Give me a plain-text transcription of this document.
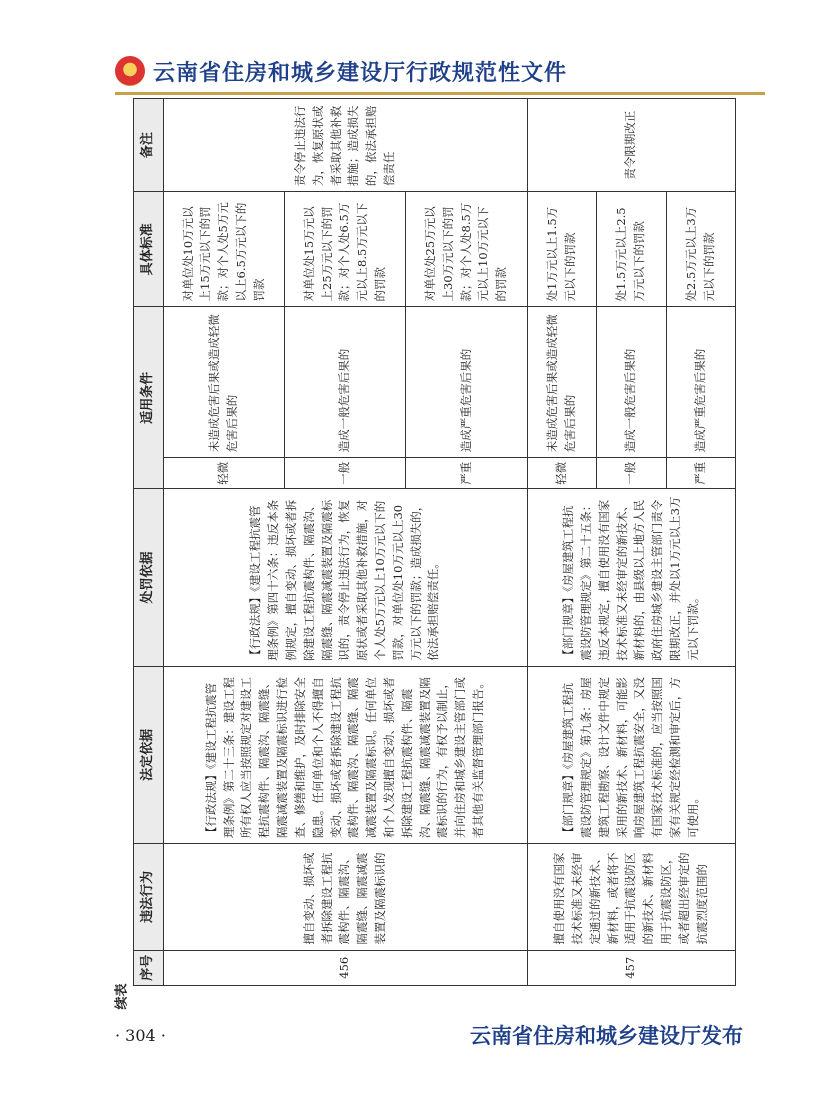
云南省住房和城乡建设厅行政规范性文件
序号	违法行为	法定依据	处罚依据	适用条件		具体标准	备注
456	擅自变动、损坏或者拆除建设工程抗震构件、隔震沟、隔震缝、隔震减震装置及隔震标识的	【行政法规】《建设工程抗震管理条例》第二十三条：建设工程所有权人应当按照规定对建设工程抗震构件、隔震沟、隔震缝、隔震减震装置及隔震标识进行检查、修缮和维护，及时排除安全隐患。任何单位和个人不得擅自变动、损坏或者拆除建设工程抗震构件、隔震沟、隔震缝、隔震减震装置及隔震标识。任何单位和个人发现擅自变动、损坏或者拆除建设工程抗震构件、隔震沟、隔震缝、隔震减震装置及隔震标识的行为，有权予以制止，并向住房和城乡建设主管部门或者其他有关监督管理部门报告。	【行政法规】《建设工程抗震管理条例》第四十六条：违反本条例规定，擅自变动、损坏或者拆除建设工程抗震构件、隔震沟、隔震缝、隔震减震装置及隔震标识的，责令停止违法行为，恢复原状或者采取其他补救措施，对个人处5万元以上10万元以下的罚款，对单位处10万元以上30万元以下的罚款；造成损失的，依法承担赔偿责任。	轻微	未造成危害后果或造成轻微危害后果的	对单位处10万元以上15万元以下的罚款；对个人处5万元以上6.5万元以下的罚款	责令停止违法行为，恢复原状或者采取其他补救措施；造成损失的，依法承担赔偿责任
				一般	造成一般危害后果的	对单位处15万元以上25万元以下的罚款；对个人处6.5万元以上8.5万元以下的罚款	
				严重	造成严重危害后果的	对单位处25万元以上30万元以下的罚款；对个人处8.5万元以上10万元以下的罚款	
457	擅自使用没有国家技术标准又未经审定通过的新技术、新材料，或者将不适用于抗震设防区的新技术、新材料用于抗震设防区，或者超出经审定的抗震烈度范围的	【部门规章】《房屋建筑工程抗震设防管理规定》第九条：房屋建筑工程勘察、设计文件中规定采用的新技术、新材料，可能影响房屋建筑工程抗震安全，又没有国家技术标准的，应当按照国家有关规定经检测和审定后，方可使用。	【部门规章】《房屋建筑工程抗震设防管理规定》第二十五条：违反本规定，擅自使用没有国家技术标准又未经审定的新技术、新材料的，由县级以上地方人民政府住房城乡建设主管部门责令限期改正，并处以1万元以上3万元以下罚款。	轻微	未造成危害后果或造成轻微危害后果的	处1万元以上1.5万元以下的罚款	责令限期改正
				一般	造成一般危害后果的	处1.5万元以上2.5万元以下的罚款	
				严重	造成严重危害后果的	处2.5万元以上3万元以下的罚款	
续表
· 304 ·	云南省住房和城乡建设厅发布
